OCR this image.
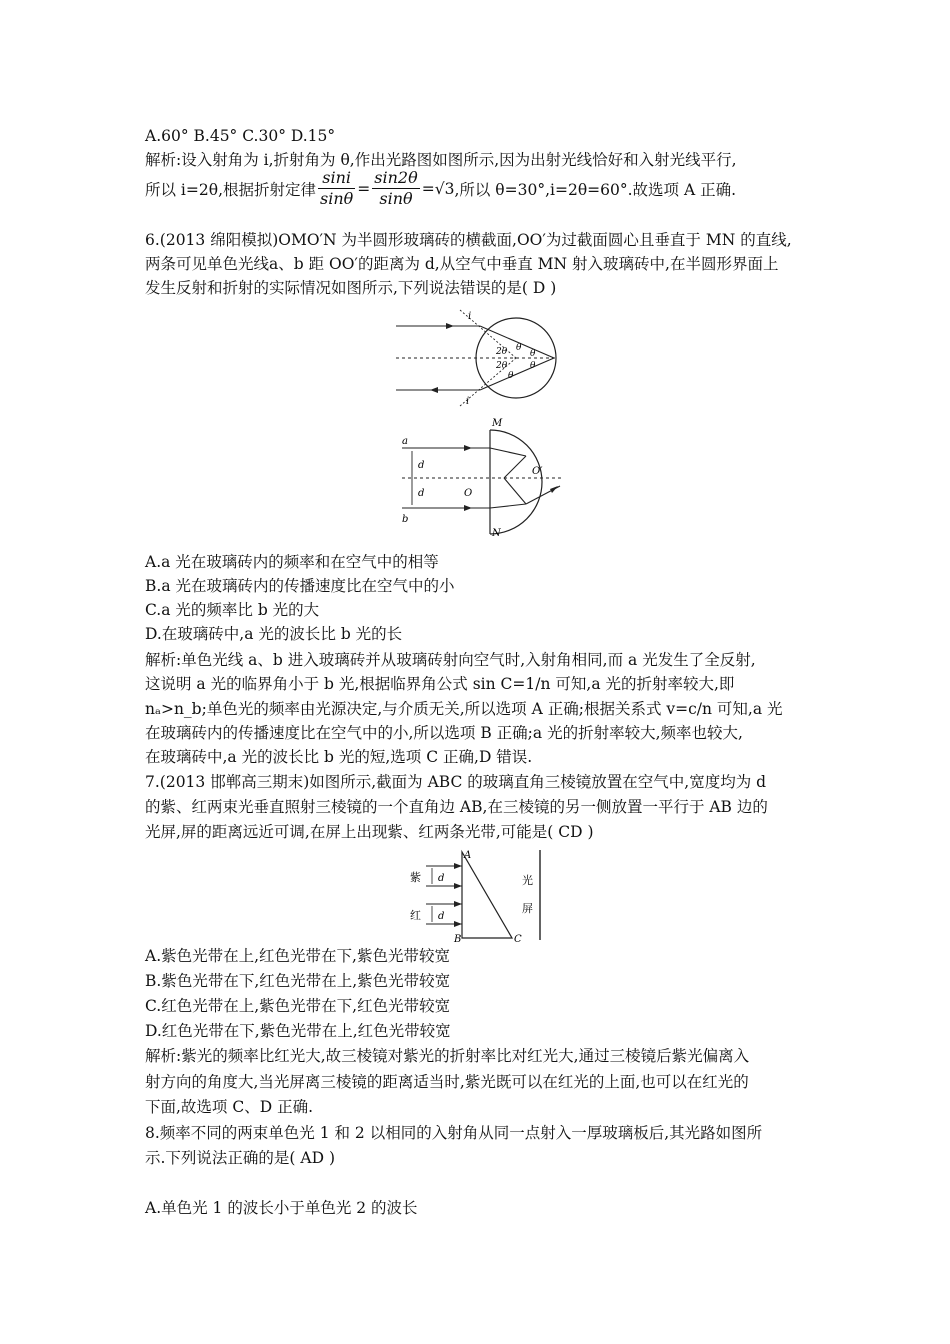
A.60° B.45° C.30° D.15°
解析:设入射角为 i,折射角为 θ,作出光路图如图所示,因为出射光线恰好和入射光线平行,
所以 i=2θ,根据折射定律 $\frac{\sin i}{\sin\theta} = \frac{\sin 2\theta}{\sin\theta} =√3$,所以 θ=30°,i=2θ=60°.故选项 A 正确.
6.(2013 绵阳模拟)OMO′N 为半圆形玻璃砖的横截面,OO′为过截面圆心且垂直于 MN 的直线,
两条可见单色光线a、b 距 OO′的距离为 d,从空气中垂直 MN 射入玻璃砖中,在半圆形界面上
发生反射和折射的实际情况如图所示,下列说法错误的是( D )
i
i
2θ θ
θ
2θ	θ
θ
M
N
a
b
d
d	O
O′
A.a 光在玻璃砖内的频率和在空气中的相等
B.a 光在玻璃砖内的传播速度比在空气中的小
C.a 光的频率比 b 光的大
D.在玻璃砖中,a 光的波长比 b 光的长
解析:单色光线 a、b 进入玻璃砖并从玻璃砖射向空气时,入射角相同,而 a 光发生了全反射,
这说明 a 光的临界角小于 b 光,根据临界角公式 sin C=1/n 可知,a 光的折射率较大,即
nₐ>n_b;单色光的频率由光源决定,与介质无关,所以选项 A 正确;根据关系式 v=c/n 可知,a 光
在玻璃砖内的传播速度比在空气中的小,所以选项 B 正确;a 光的折射率较大,频率也较大,
在玻璃砖中,a 光的波长比 b 光的短,选项 C 正确,D 错误.
7.(2013 邯郸高三期末)如图所示,截面为 ABC 的玻璃直角三棱镜放置在空气中,宽度均为 d
的紫、红两束光垂直照射三棱镜的一个直角边 AB,在三棱镜的另一侧放置一平行于 AB 边的
光屏,屏的距离远近可调,在屏上出现紫、红两条光带,可能是( CD )
A
B	C
紫
红
d
d
光
屏
A.紫色光带在上,红色光带在下,紫色光带较宽
B.紫色光带在下,红色光带在上,紫色光带较宽
C.红色光带在上,紫色光带在下,红色光带较宽
D.红色光带在下,紫色光带在上,红色光带较宽
解析:紫光的频率比红光大,故三棱镜对紫光的折射率比对红光大,通过三棱镜后紫光偏离入
射方向的角度大,当光屏离三棱镜的距离适当时,紫光既可以在红光的上面,也可以在红光的
下面,故选项 C、D 正确.
8.频率不同的两束单色光 1 和 2 以相同的入射角从同一点射入一厚玻璃板后,其光路如图所
示.下列说法正确的是( AD )
A.单色光 1 的波长小于单色光 2 的波长
